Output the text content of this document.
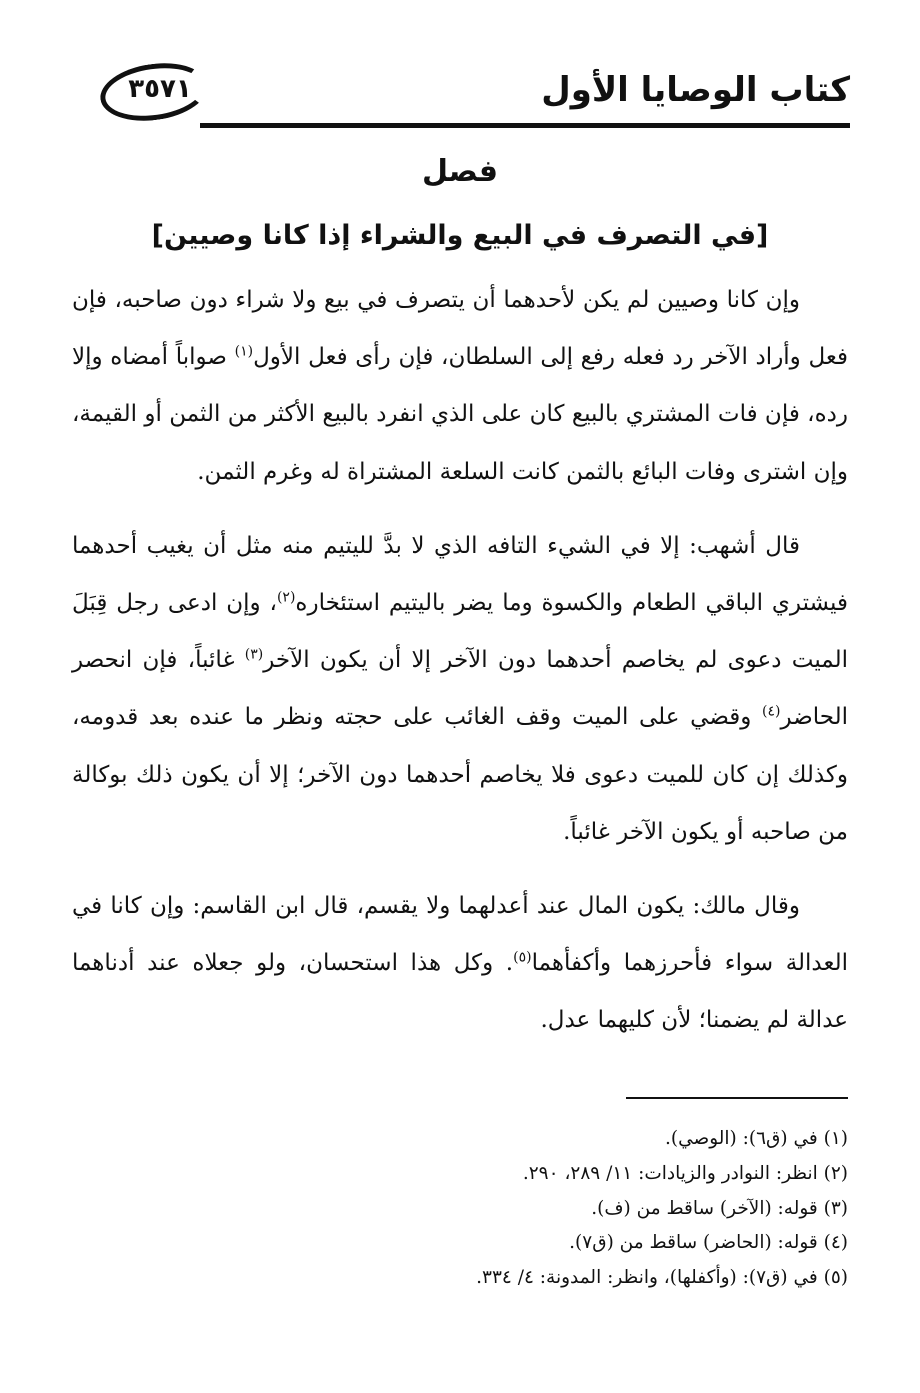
كتاب الوصايا الأول
٣٥٧١
فصل
[في التصرف في البيع والشراء إذا كانا وصيين]

وإن كانا وصيين لم يكن لأحدهما أن يتصرف في بيع ولا شراء دون صاحبه، فإن فعل وأراد الآخر رد فعله رفع إلى السلطان، فإن رأى فعل الأول$^{(١)}$ صواباً أمضاه وإلا رده، فإن فات المشتري بالبيع كان على الذي انفرد بالبيع الأكثر من الثمن أو القيمة، وإن اشترى وفات البائع بالثمن كانت السلعة المشتراة له وغرم الثمن.

قال أشهب: إلا في الشيء التافه الذي لا بدَّ لليتيم منه مثل أن يغيب أحدهما فيشتري الباقي الطعام والكسوة وما يضر باليتيم استئخاره$^{(٢)}$، وإن ادعى رجل قِبَلَ الميت دعوى لم يخاصم أحدهما دون الآخر إلا أن يكون الآخر$^{(٣)}$ غائباً، فإن انحصر الحاضر$^{(٤)}$ وقضي على الميت وقف الغائب على حجته ونظر ما عنده بعد قدومه، وكذلك إن كان للميت دعوى فلا يخاصم أحدهما دون الآخر؛ إلا أن يكون ذلك بوكالة من صاحبه أو يكون الآخر غائباً.

وقال مالك: يكون المال عند أعدلهما ولا يقسم، قال ابن القاسم: وإن كانا في العدالة سواء فأحرزهما وأكفأهما$^{(٥)}$. وكل هذا استحسان، ولو جعلاه عند أدناهما عدالة لم يضمنا؛ لأن كليهما عدل.

(١) في (ق٦): (الوصي).
(٢) انظر: النوادر والزيادات: ١١/ ٢٨٩، ٢٩٠.
(٣) قوله: (الآخر) ساقط من (ف).
(٤) قوله: (الحاضر) ساقط من (ق٧).
(٥) في (ق٧): (وأكفلها)، وانظر: المدونة: ٤/ ٣٣٤.
